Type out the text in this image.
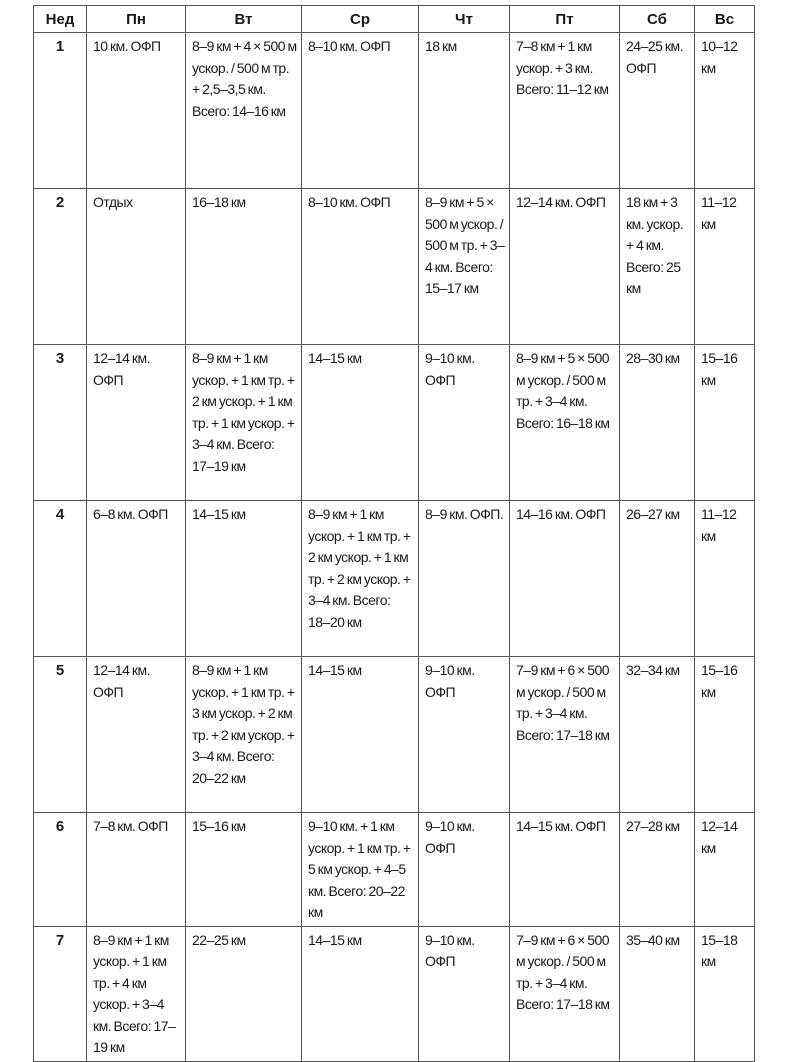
Нед	Пн	Вт	Ср	Чт	Пт	Сб	Вс
1	10 км. ОФП	8–9 км + 4 × 500 м ускор. / 500 м тр. + 2,5–3,5 км. Всего: 14–16 км	8–10 км. ОФП	18 км	7–8 км + 1 км ускор. + 3 км. Всего: 11–12 км	24–25 км. ОФП	10–12 км
2	Отдых	16–18 км	8–10 км. ОФП	8–9 км + 5 × 500 м ускор. / 500 м тр. + 3–4 км. Всего: 15–17 км	12–14 км. ОФП	18 км + 3 км. ускор. + 4 км. Всего: 25 км	11–12 км
3	12–14 км. ОФП	8–9 км + 1 км ускор. + 1 км тр. + 2 км ускор. + 1 км тр. + 1 км ускор. + 3–4 км. Всего: 17–19 км	14–15 км	9–10 км. ОФП	8–9 км + 5 × 500 м ускор. / 500 м тр. + 3–4 км. Всего: 16–18 км	28–30 км	15–16 км
4	6–8 км. ОФП	14–15 км	8–9 км + 1 км ускор. + 1 км тр. + 2 км ускор. + 1 км тр. + 2 км ускор. + 3–4 км. Всего: 18–20 км	8–9 км. ОФП.	14–16 км. ОФП	26–27 км	11–12 км
5	12–14 км. ОФП	8–9 км + 1 км ускор. + 1 км тр. + 3 км ускор. + 2 км тр. + 2 км ускор. + 3–4 км. Всего: 20–22 км	14–15 км	9–10 км. ОФП	7–9 км + 6 × 500 м ускор. / 500 м тр. + 3–4 км. Всего: 17–18 км	32–34 км	15–16 км
6	7–8 км. ОФП	15–16 км	9–10 км. + 1 км ускор. + 1 км тр. + 5 км ускор. + 4–5 км. Всего: 20–22 км	9–10 км. ОФП	14–15 км. ОФП	27–28 км	12–14 км
7	8–9 км + 1 км ускор. + 1 км тр. + 4 км ускор. + 3–4 км. Всего: 17–19 км	22–25 км	14–15 км	9–10 км. ОФП	7–9 км + 6 × 500 м ускор. / 500 м тр. + 3–4 км. Всего: 17–18 км	35–40 км	15–18 км
